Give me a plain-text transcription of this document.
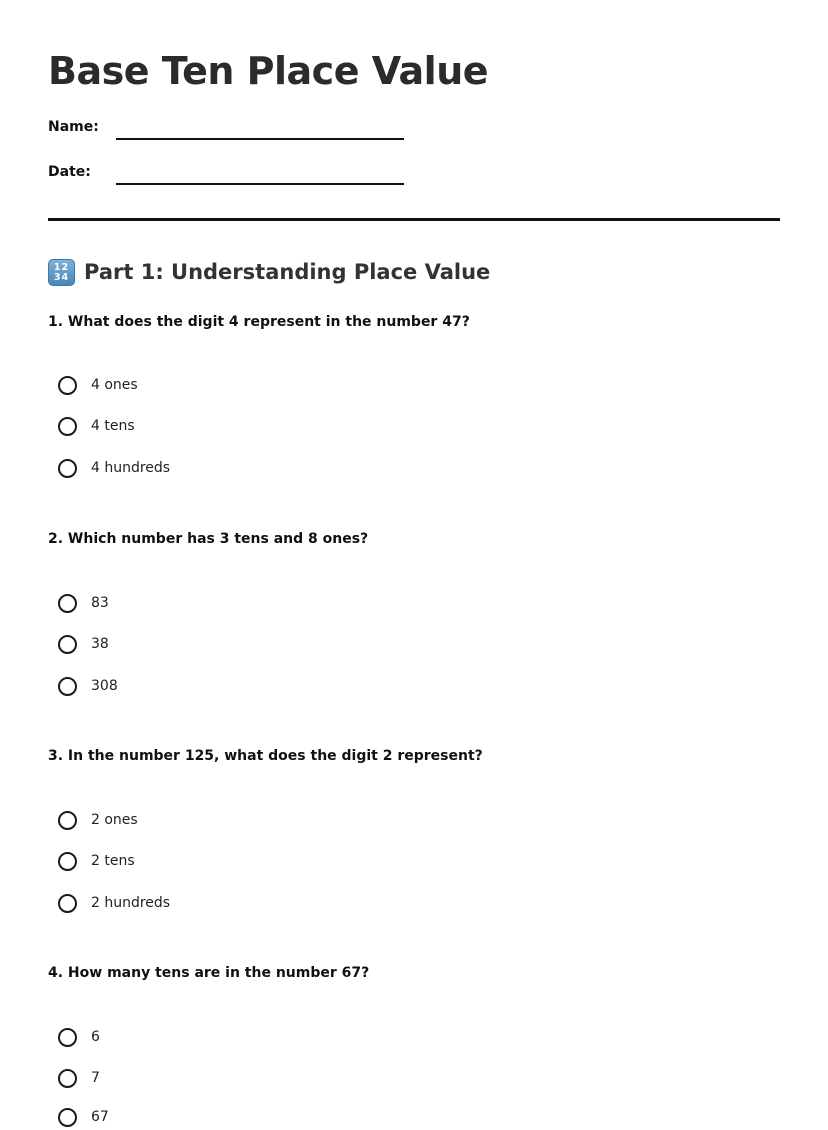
Base Ten Place Value
Name:
Date:
12
34 Part 1: Understanding Place Value

1. What does the digit 4 represent in the number 47?

4 ones
4 tens
4 hundreds

2. Which number has 3 tens and 8 ones?

83
38
308

3. In the number 125, what does the digit 2 represent?

2 ones
2 tens
2 hundreds

4. How many tens are in the number 67?

6
7
67
